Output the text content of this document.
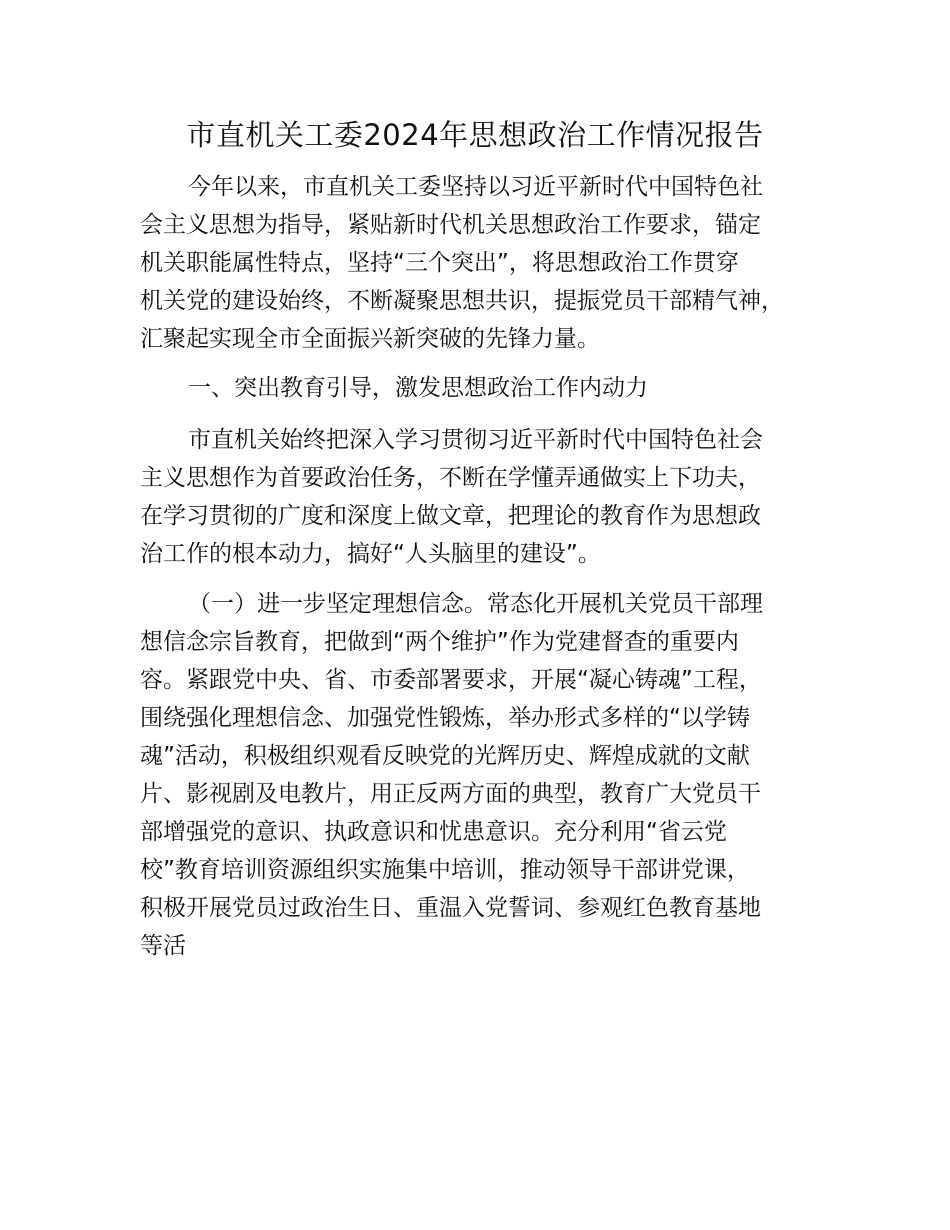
市直机关工委2024年思想政治工作情况报告

今年以来，市直机关工委坚持以习近平新时代中国特色社
会主义思想为指导，紧贴新时代机关思想政治工作要求，锚定
机关职能属性特点，坚持“三个突出”，将思想政治工作贯穿
机关党的建设始终，不断凝聚思想共识，提振党员干部精气神，
汇聚起实现全市全面振兴新突破的先锋力量。

一、突出教育引导，激发思想政治工作内动力

市直机关始终把深入学习贯彻习近平新时代中国特色社会
主义思想作为首要政治任务，不断在学懂弄通做实上下功夫，
在学习贯彻的广度和深度上做文章，把理论的教育作为思想政
治工作的根本动力，搞好“人头脑里的建设”。

（一）进一步坚定理想信念。常态化开展机关党员干部理
想信念宗旨教育，把做到“两个维护”作为党建督查的重要内
容。紧跟党中央、省、市委部署要求，开展“凝心铸魂”工程，
围绕强化理想信念、加强党性锻炼，举办形式多样的“以学铸
魂”活动，积极组织观看反映党的光辉历史、辉煌成就的文献
片、影视剧及电教片，用正反两方面的典型，教育广大党员干
部增强党的意识、执政意识和忧患意识。充分利用“省云党
校”教育培训资源组织实施集中培训，推动领导干部讲党课，
积极开展党员过政治生日、重温入党誓词、参观红色教育基地
等活
